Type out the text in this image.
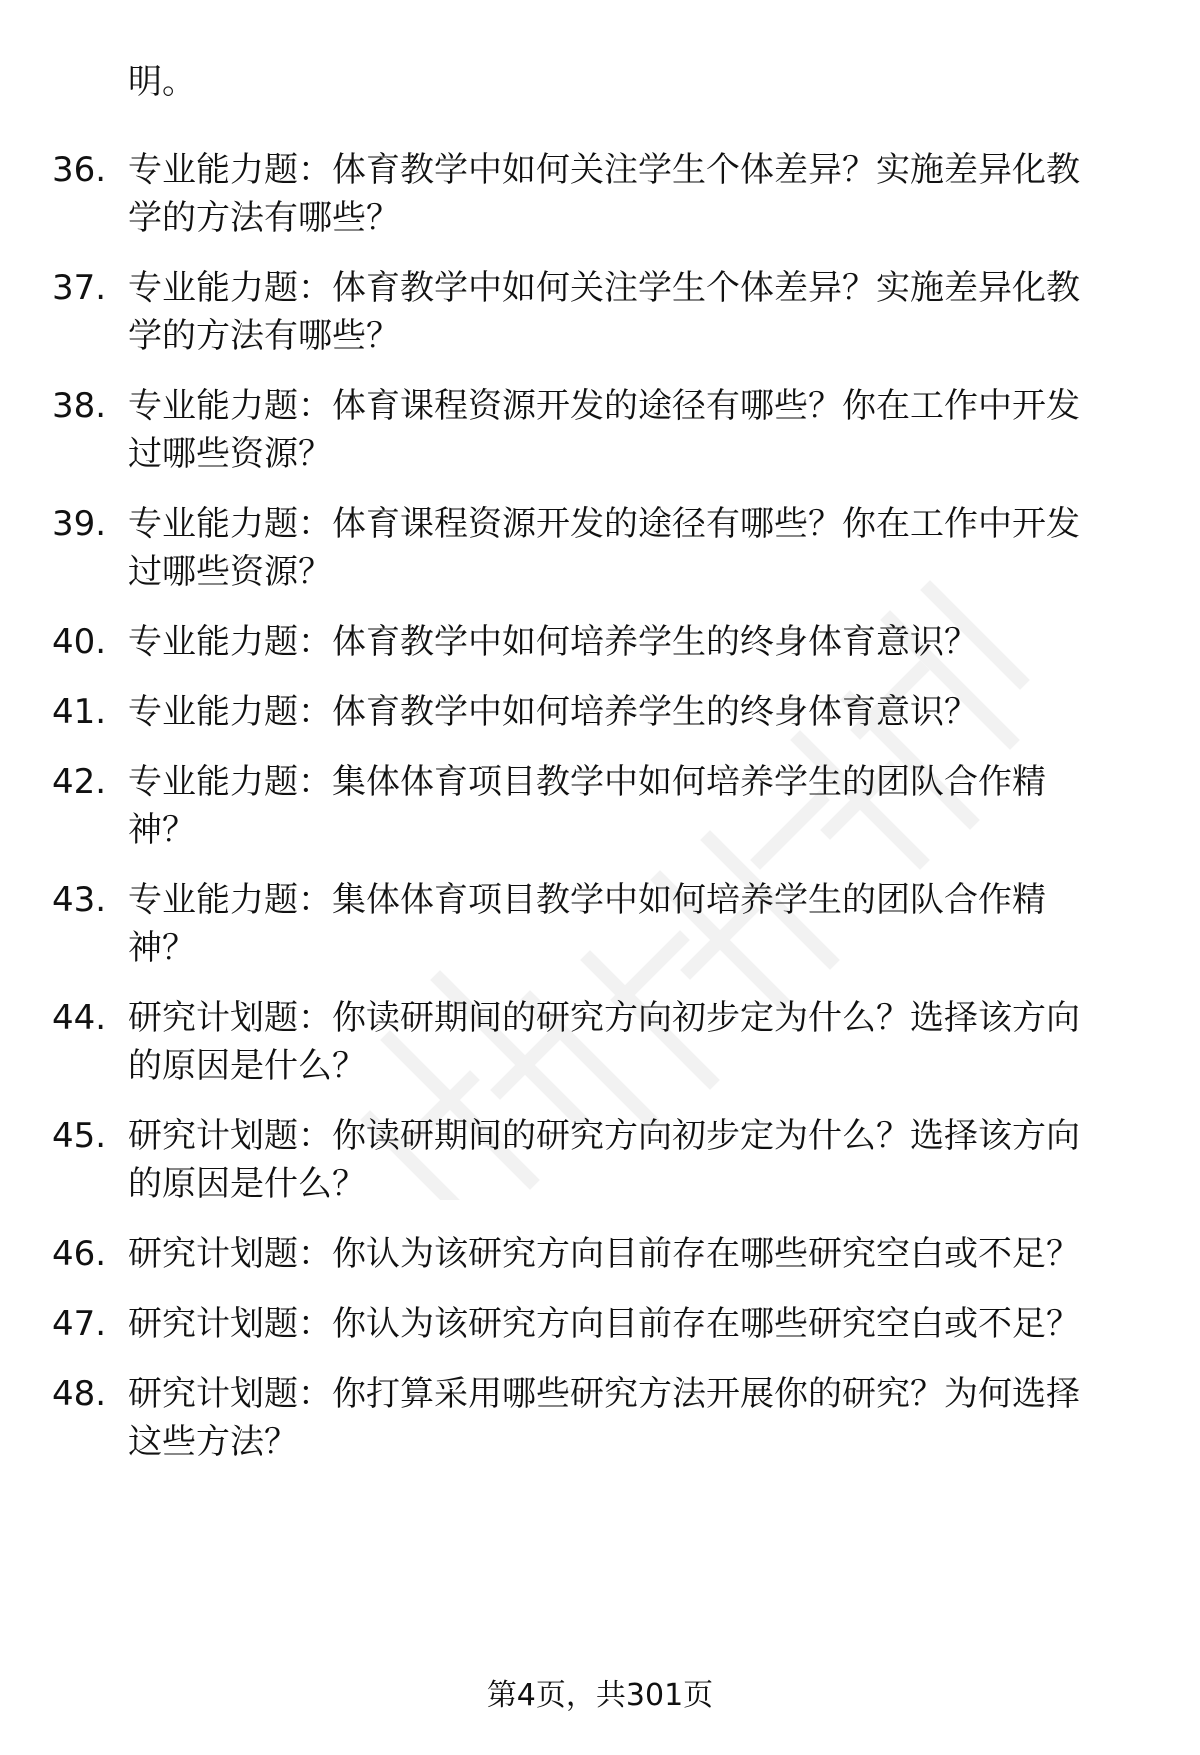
明。
36. 专业能力题：体育教学中如何关注学生个体差异？实施差异化教
学的方法有哪些？
37. 专业能力题：体育教学中如何关注学生个体差异？实施差异化教
学的方法有哪些？
38. 专业能力题：体育课程资源开发的途径有哪些？你在工作中开发
过哪些资源？
39. 专业能力题：体育课程资源开发的途径有哪些？你在工作中开发
过哪些资源？
40. 专业能力题：体育教学中如何培养学生的终身体育意识？
41. 专业能力题：体育教学中如何培养学生的终身体育意识？
42. 专业能力题：集体体育项目教学中如何培养学生的团队合作精
神？
43. 专业能力题：集体体育项目教学中如何培养学生的团队合作精
神？
44. 研究计划题：你读研期间的研究方向初步定为什么？选择该方向
的原因是什么？
45. 研究计划题：你读研期间的研究方向初步定为什么？选择该方向
的原因是什么？
46. 研究计划题：你认为该研究方向目前存在哪些研究空白或不足？
47. 研究计划题：你认为该研究方向目前存在哪些研究空白或不足？
48. 研究计划题：你打算采用哪些研究方法开展你的研究？为何选择
这些方法？
第4页，共301页
